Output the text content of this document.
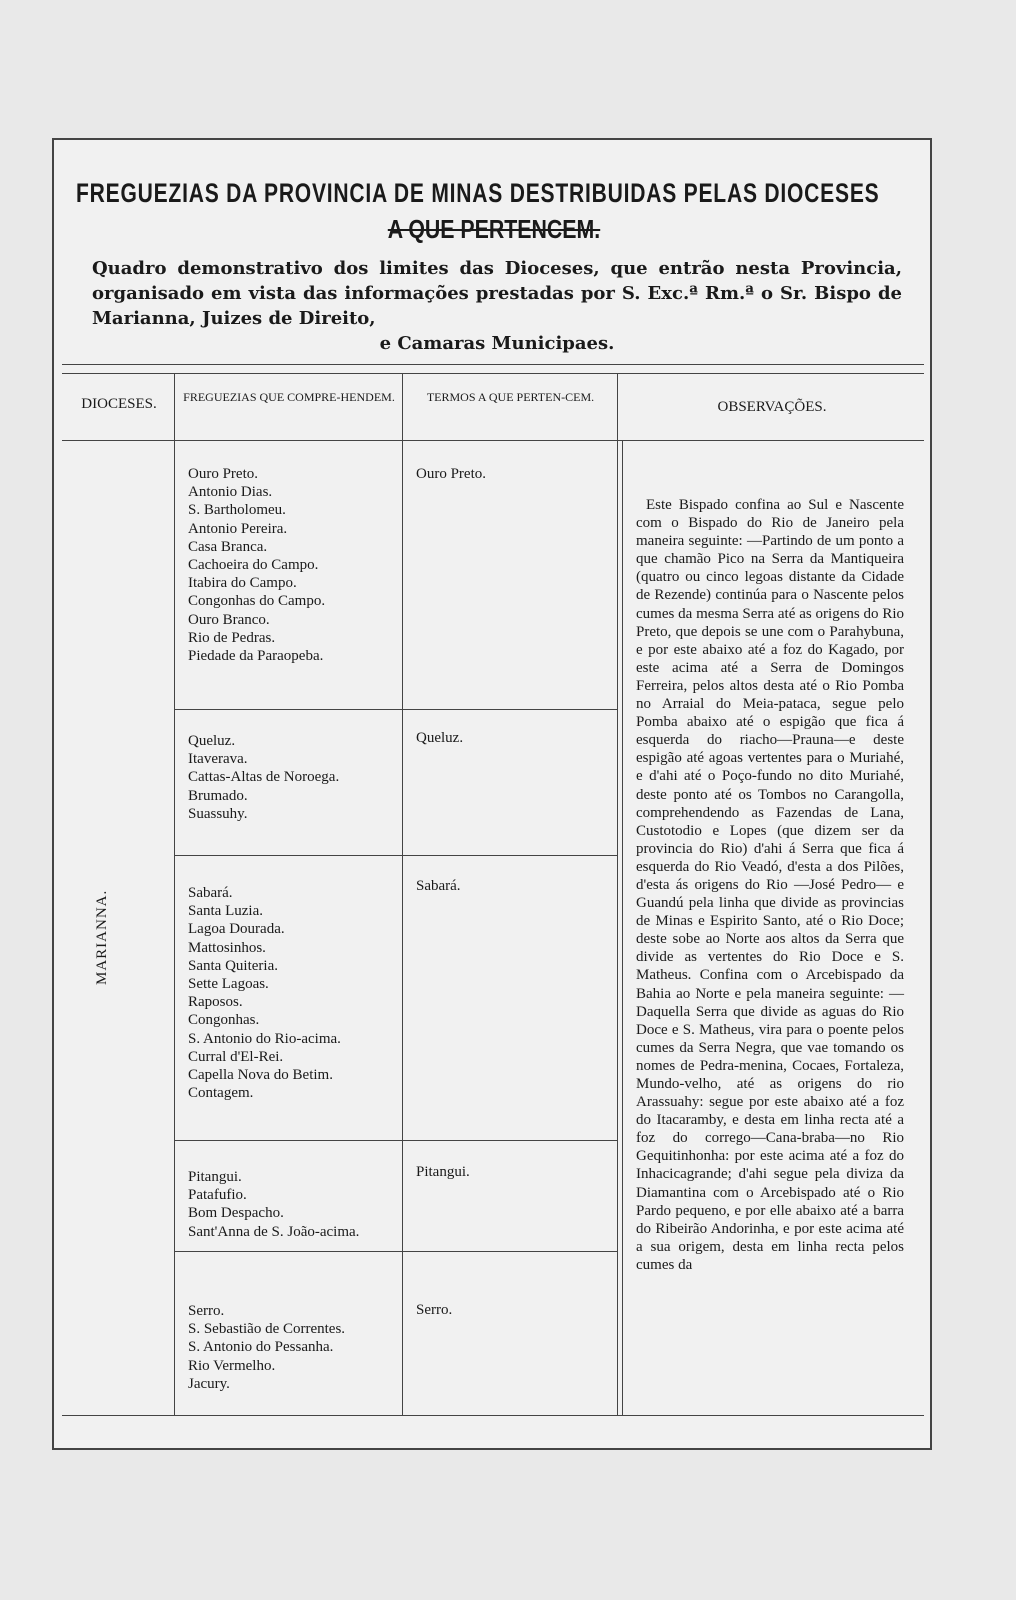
FREGUEZIAS DA PROVINCIA DE MINAS DESTRIBUIDAS PELAS DIOCESES
A QUE PERTENCEM.
Quadro demonstrativo dos limites das Dioceses, que entrão nesta Provincia, organisado em vista das informações prestadas por S. Exc.ª Rm.ª o Sr. Bispo de Marianna, Juizes de Direito,
e Camaras Municipaes.
DIOCESES.	FREGUEZIAS QUE COMPRE-HENDEM.	TERMOS A QUE PERTEN-CEM.
OBSERVAÇÕES.
MARIANNA.
Ouro Preto.
Antonio Dias.
S. Bartholomeu.
Antonio Pereira.
Casa Branca.
Cachoeira do Campo.
Itabira do Campo.
Congonhas do Campo.
Ouro Branco.
Rio de Pedras.
Piedade da Paraopeba.
Ouro Preto.
Queluz.
Itaverava.
Cattas-Altas de Noroega.
Brumado.
Suassuhy.
Queluz.
Sabará.
Santa Luzia.
Lagoa Dourada.
Mattosinhos.
Santa Quiteria.
Sette Lagoas.
Raposos.
Congonhas.
S. Antonio do Rio-acima.
Curral d'El-Rei.
Capella Nova do Betim.
Contagem.
Sabará.
Pitangui.
Patafufio.
Bom Despacho.
Sant'Anna de S. João-acima.
Pitangui.
Serro.
S. Sebastião de Correntes.
S. Antonio do Pessanha.
Rio Vermelho.
Jacury.
Serro.

Este Bispado confina ao Sul e Nascente com o Bispado do Rio de Janeiro pela maneira seguinte: —Partindo de um ponto a que chamão Pico na Serra da Mantiqueira (quatro ou cinco legoas distante da Cidade de Rezende) continúa para o Nascente pelos cumes da mesma Serra até as origens do Rio Preto, que depois se une com o Parahybuna, e por este abaixo até a foz do Kagado, por este acima até a Serra de Domingos Ferreira, pelos altos desta até o Rio Pomba no Arraial do Meia-pataca, segue pelo Pomba abaixo até o espigão que fica á esquerda do riacho—Prauna—e deste espigão até agoas vertentes para o Muriahé, e d'ahi até o Poço-fundo no dito Muriahé, deste ponto até os Tombos no Carangolla, comprehendendo as Fazendas de Lana, Custotodio e Lopes (que dizem ser da provincia do Rio) d'ahi á Serra que fica á esquerda do Rio Veadó, d'esta a dos Pilões, d'esta ás origens do Rio —José Pedro— e Guandú pela linha que divide as provincias de Minas e Espirito Santo, até o Rio Doce; deste sobe ao Norte aos altos da Serra que divide as vertentes do Rio Doce e S. Matheus. Confina com o Arcebispado da Bahia ao Norte e pela maneira seguinte: —Daquella Serra que divide as aguas do Rio Doce e S. Matheus, vira para o poente pelos cumes da Serra Negra, que vae tomando os nomes de Pedra-menina, Cocaes, Fortaleza, Mundo-velho, até as origens do rio Arassuahy: segue por este abaixo até a foz do Itacaramby, e desta em linha recta até a foz do corrego—Cana-braba—no Rio Gequitinhonha: por este acima até a foz do Inhacicagrande; d'ahi segue pela diviza da Diamantina com o Arcebispado até o Rio Pardo pequeno, e por elle abaixo até a barra do Ribeirão Andorinha, e por este acima até a sua origem, desta em linha recta pelos cumes da
